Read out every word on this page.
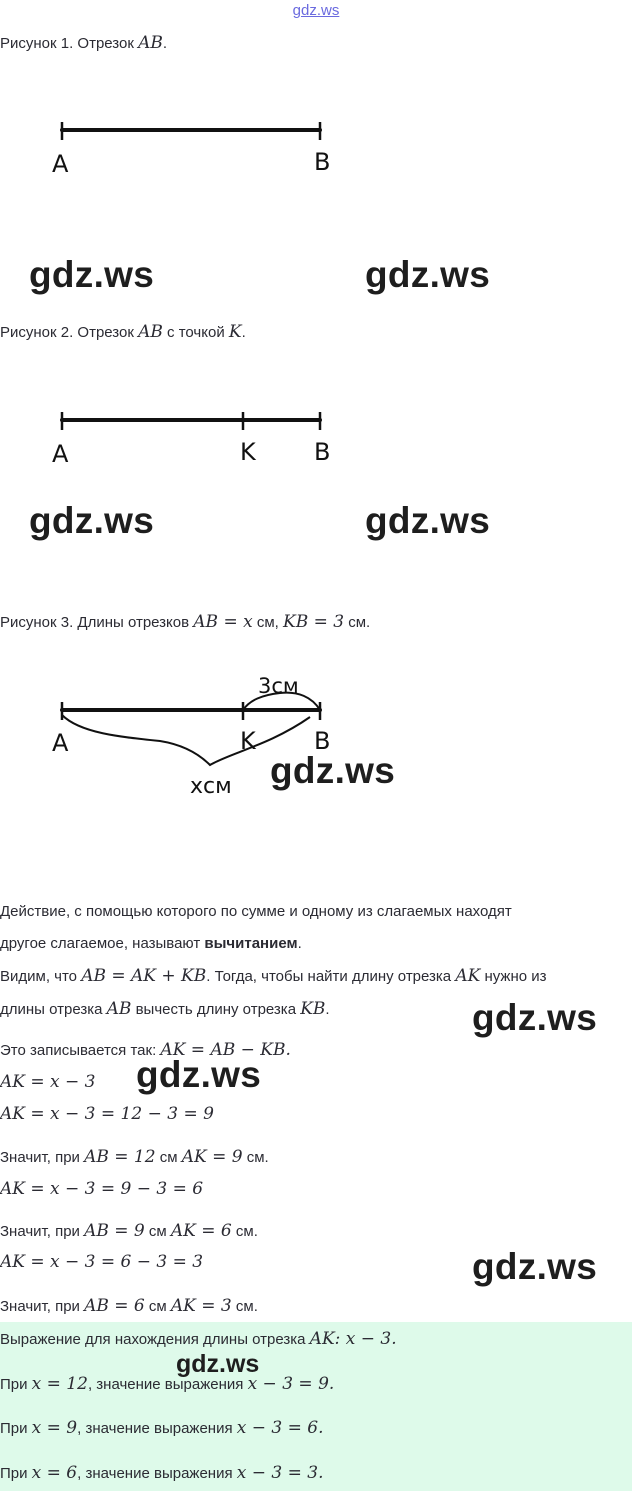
gdz.ws
Рисунок 1. Отрезок AB.
A	B
gdz.ws	gdz.ws
Рисунок 2. Отрезок AB с точкой K.
A	K B
gdz.ws	gdz.ws
Рисунок 3. Длины отрезков AB = x см, KB = 3 см.
3см
A	K B
хсм gdz.ws
Действие, с помощью которого по сумме и одному из слагаемых находят
другое слагаемое, называют вычитанием.
Видим, что AB = AK + KB. Тогда, чтобы найти длину отрезка AK нужно из
длины отрезка AB вычесть длину отрезка KB.	gdz.ws
Это записывается так: AK = AB − KB.
AK = x − 3 gdz.ws
AK = x − 3 = 12 − 3 = 9
Значит, при AB = 12 см AK = 9 см.
AK = x − 3 = 9 − 3 = 6
Значит, при AB = 9 см AK = 6 см.
AK = x − 3 = 6 − 3 = 3	gdz.ws
Значит, при AB = 6 см AK = 3 см.
Выражение для нахождения длины отрезка AK: x − 3.
gdz.ws
При x = 12, значение выражения x − 3 = 9.
При x = 9, значение выражения x − 3 = 6.
При x = 6, значение выражения x − 3 = 3.
